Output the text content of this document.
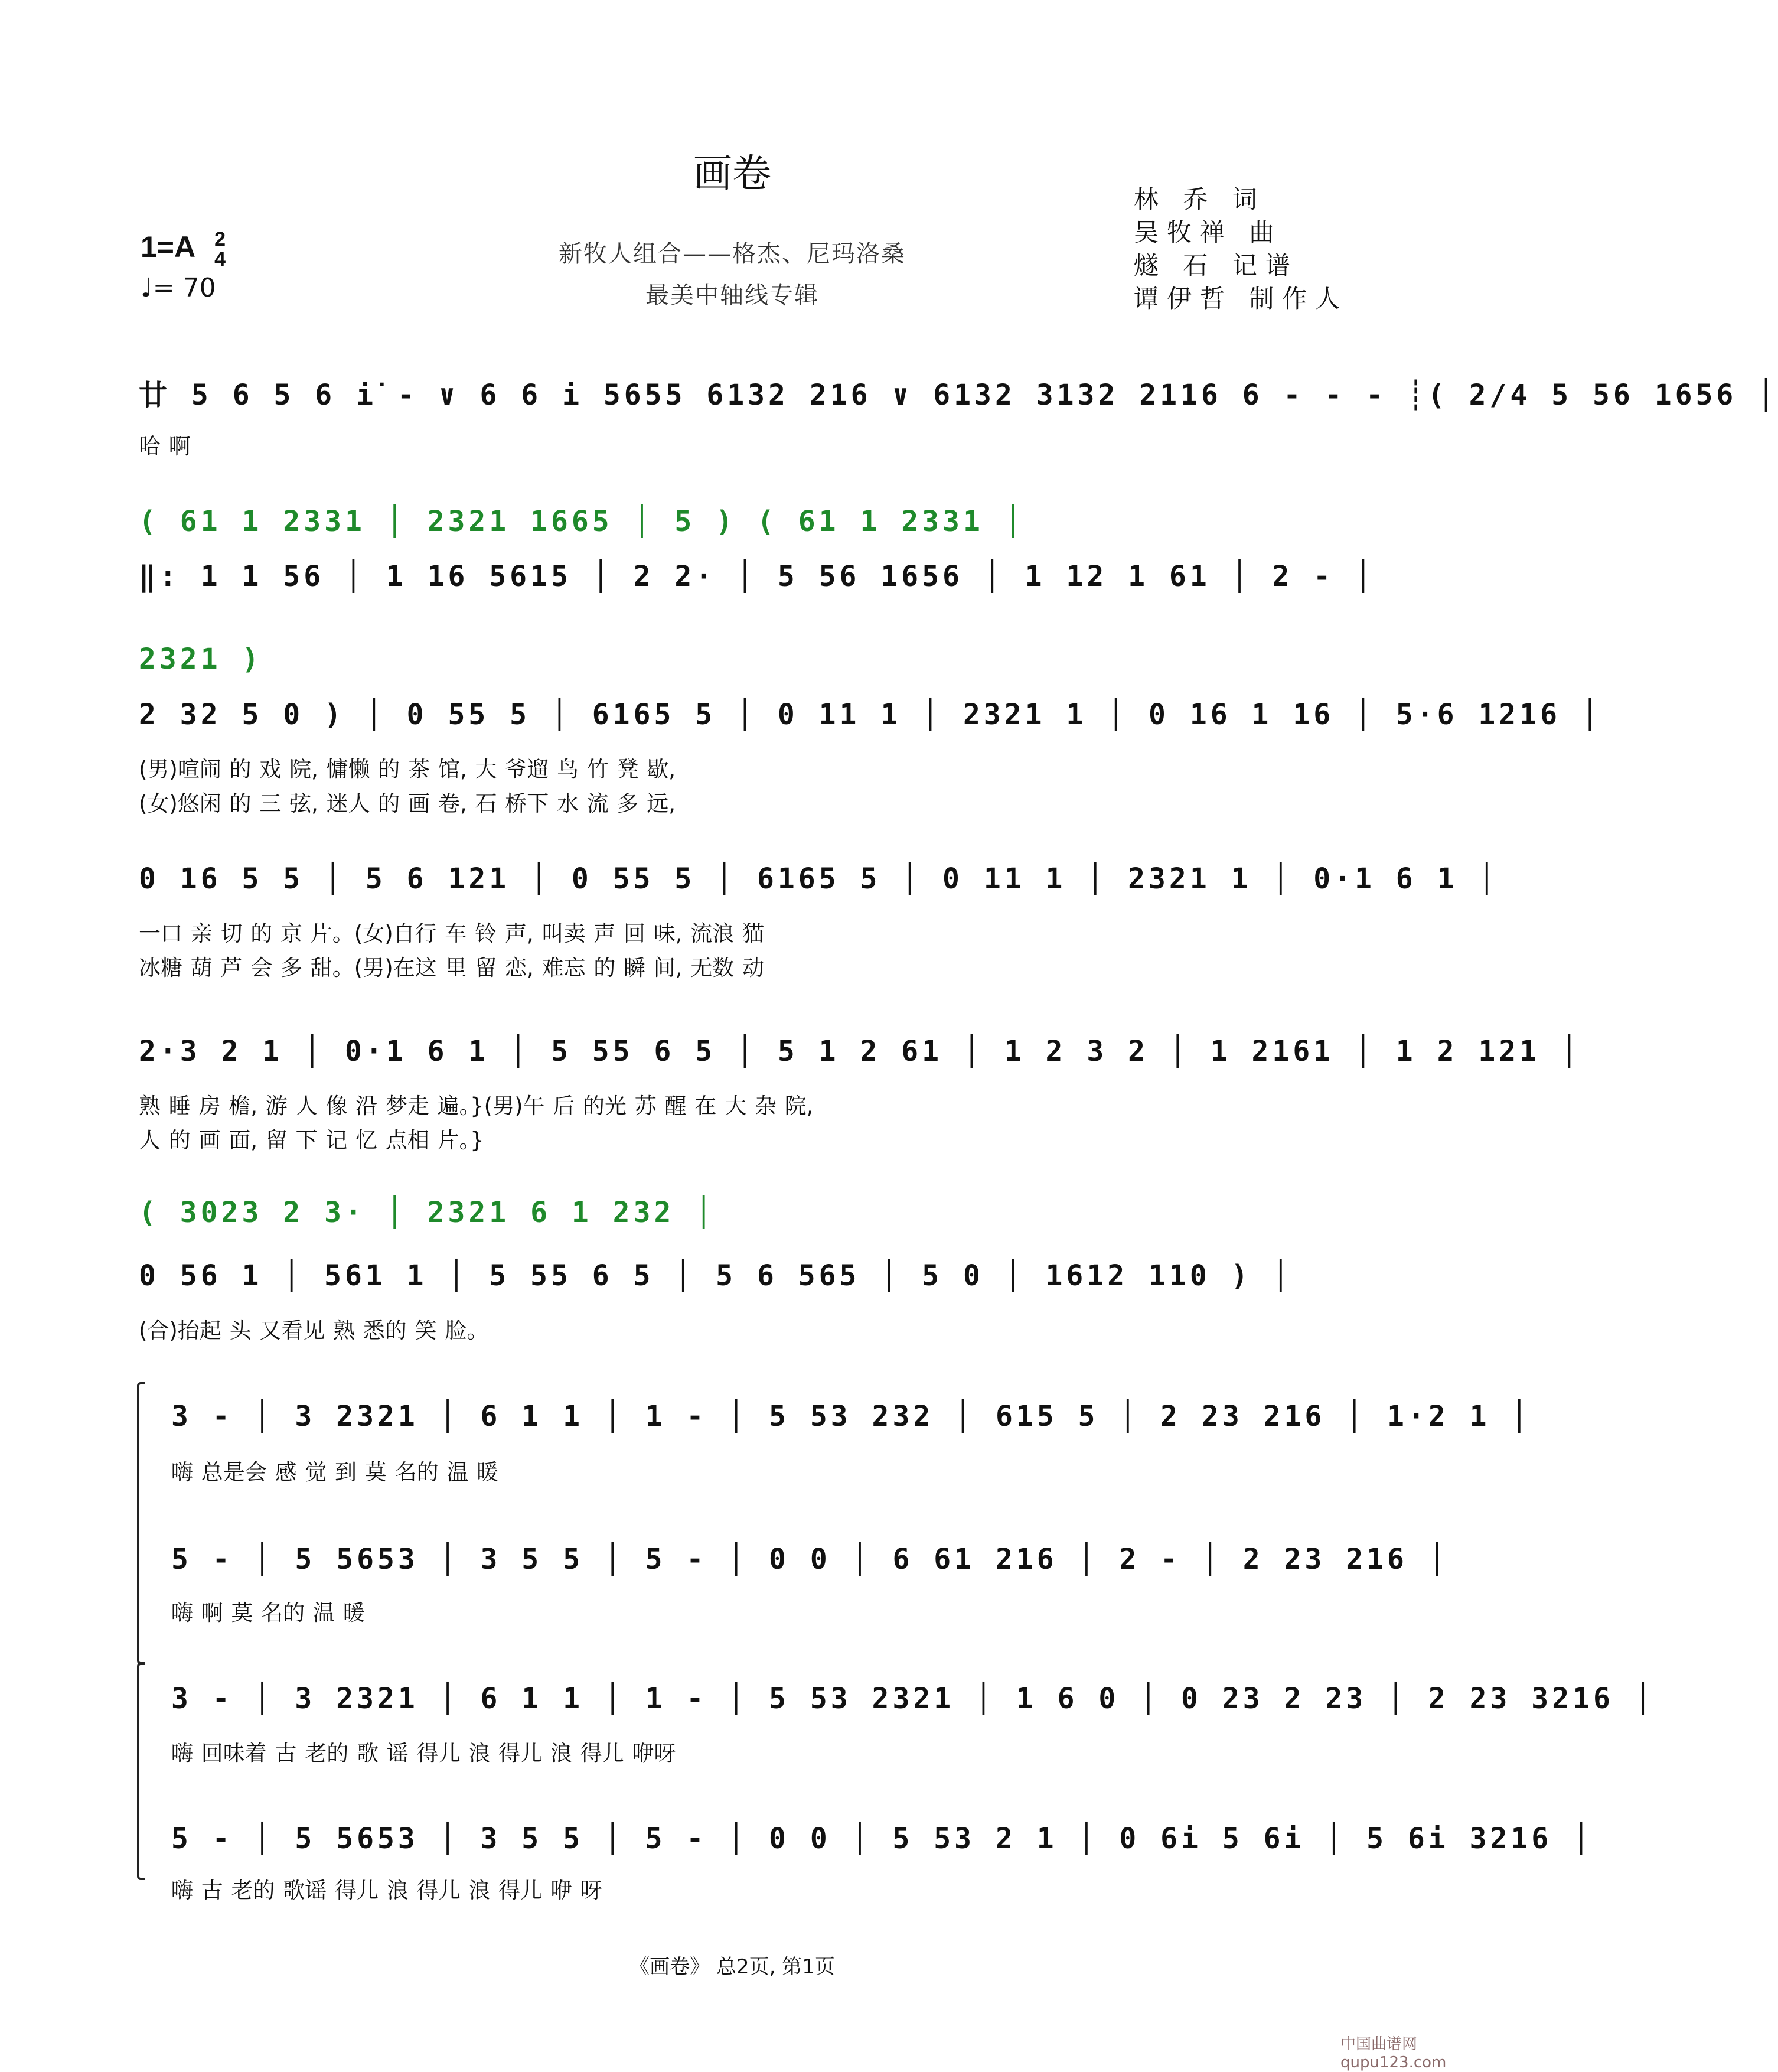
画卷
林 乔 词
吴牧禅 曲
燧 石 记谱
谭伊哲 制作人
新牧人组合——格杰、尼玛洛桑
最美中轴线专辑
1=A 2
4
♩= 70
廿 5 6 5 6 i̇ - ∨ 6 6 i 5655 6132 216 ∨ 6132 3132 2116 6 - - - ┊( 2/4 5 56 1656 │
哈 啊
( 61 1 2331 │ 2321 1665 │ 5 ) ( 61 1 2331 │
‖: 1 1 56 │ 1 16 5615 │ 2 2· │ 5 56 1656 │ 1 12 1 61 │ 2 - │
2321 )
2 32 5 0 ) │ 0 55 5 │ 6165 5 │ 0 11 1 │ 2321 1 │ 0 16 1 16 │ 5·6 1216 │
(男)喧闹 的 戏 院, 慵懒 的 茶 馆, 大 爷遛 鸟 竹 凳 歇,
(女)悠闲 的 三 弦, 迷人 的 画 卷, 石 桥下 水 流 多 远,
0 16 5 5 │ 5 6 121 │ 0 55 5 │ 6165 5 │ 0 11 1 │ 2321 1 │ 0·1 6 1 │
一口 亲 切 的 京 片。(女)自行 车 铃 声, 叫卖 声 回 味, 流浪 猫
冰糖 葫 芦 会 多 甜。(男)在这 里 留 恋, 难忘 的 瞬 间, 无数 动
2·3 2 1 │ 0·1 6 1 │ 5 55 6 5 │ 5 1 2 61 │ 1 2 3 2 │ 1 2161 │ 1 2 121 │
熟 睡 房 檐, 游 人 像 沿 梦走 遍。}(男)午 后 的光 苏 醒 在 大 杂 院,
人 的 画 面, 留 下 记 忆 点相 片。}
( 3023 2 3· │ 2321 6 1 232 │
0 56 1 │ 561 1 │ 5 55 6 5 │ 5 6 565 │ 5 0 │ 1612 110 ) │
(合)抬起 头 又看见 熟 悉的 笑 脸。
3 - │ 3 2321 │ 6 1 1 │ 1 - │ 5 53 232 │ 615 5 │ 2 23 216 │ 1·2 1 │
嗨 总是会 感 觉 到 莫 名的 温 暖
5 - │ 5 5653 │ 3 5 5 │ 5 - │ 0 0 │ 6 61 216 │ 2 - │ 2 23 216 │
嗨 啊 莫 名的 温 暖
3 - │ 3 2321 │ 6 1 1 │ 1 - │ 5 53 2321 │ 1 6 0 │ 0 23 2 23 │ 2 23 3216 │
嗨 回味着 古 老的 歌 谣 得儿 浪 得儿 浪 得儿 咿呀
5 - │ 5 5653 │ 3 5 5 │ 5 - │ 0 0 │ 5 53 2 1 │ 0 6i 5 6i │ 5 6i 3216 │
嗨 古 老的 歌谣 得儿 浪 得儿 浪 得儿 咿 呀
《画卷》 总2页, 第1页
中国曲谱网 qupu123.com
